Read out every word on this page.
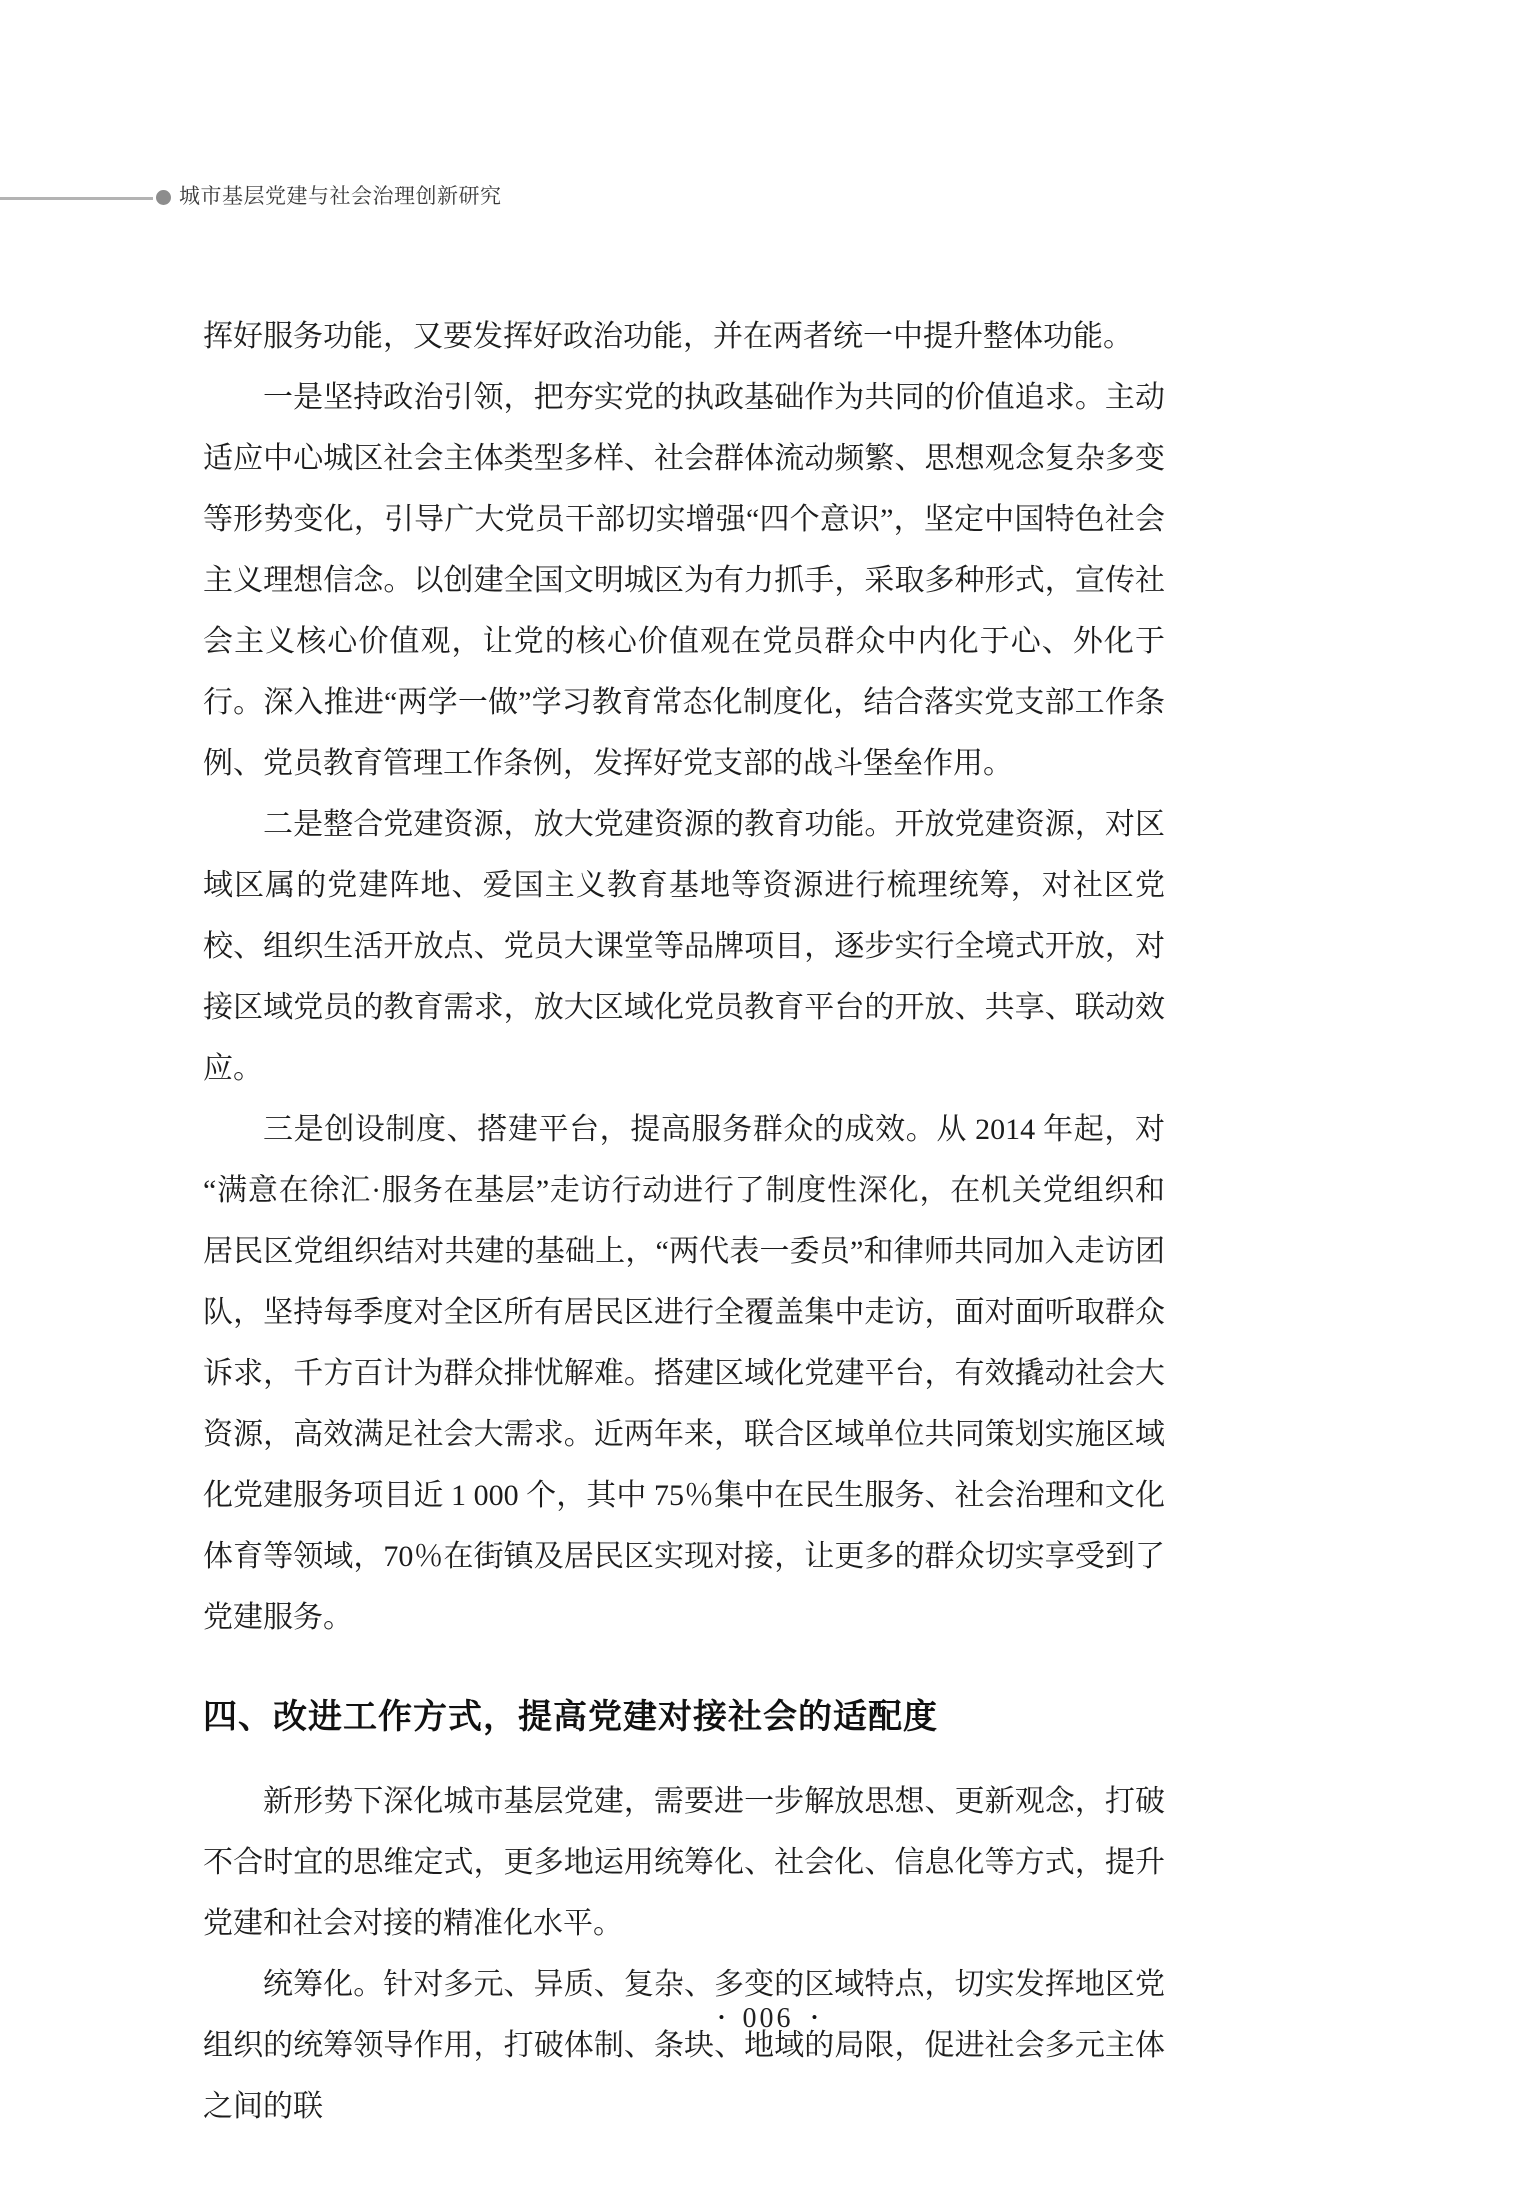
城市基层党建与社会治理创新研究

挥好服务功能，又要发挥好政治功能，并在两者统一中提升整体功能。

一是坚持政治引领，把夯实党的执政基础作为共同的价值追求。主动适应中心城区社会主体类型多样、社会群体流动频繁、思想观念复杂多变等形势变化，引导广大党员干部切实增强“四个意识”，坚定中国特色社会主义理想信念。以创建全国文明城区为有力抓手，采取多种形式，宣传社会主义核心价值观，让党的核心价值观在党员群众中内化于心、外化于行。深入推进“两学一做”学习教育常态化制度化，结合落实党支部工作条例、党员教育管理工作条例，发挥好党支部的战斗堡垒作用。

二是整合党建资源，放大党建资源的教育功能。开放党建资源，对区域区属的党建阵地、爱国主义教育基地等资源进行梳理统筹，对社区党校、组织生活开放点、党员大课堂等品牌项目，逐步实行全境式开放，对接区域党员的教育需求，放大区域化党员教育平台的开放、共享、联动效应。

三是创设制度、搭建平台，提高服务群众的成效。从 2014 年起，对“满意在徐汇·服务在基层”走访行动进行了制度性深化，在机关党组织和居民区党组织结对共建的基础上，“两代表一委员”和律师共同加入走访团队，坚持每季度对全区所有居民区进行全覆盖集中走访，面对面听取群众诉求，千方百计为群众排忧解难。搭建区域化党建平台，有效撬动社会大资源，高效满足社会大需求。近两年来，联合区域单位共同策划实施区域化党建服务项目近 1 000 个，其中 75％集中在民生服务、社会治理和文化体育等领域，70％在街镇及居民区实现对接，让更多的群众切实享受到了党建服务。

四、改进工作方式，提高党建对接社会的适配度

新形势下深化城市基层党建，需要进一步解放思想、更新观念，打破不合时宜的思维定式，更多地运用统筹化、社会化、信息化等方式，提升党建和社会对接的精准化水平。

统筹化。针对多元、异质、复杂、多变的区域特点，切实发挥地区党组织的统筹领导作用，打破体制、条块、地域的局限，促进社会多元主体之间的联

• 006 •
